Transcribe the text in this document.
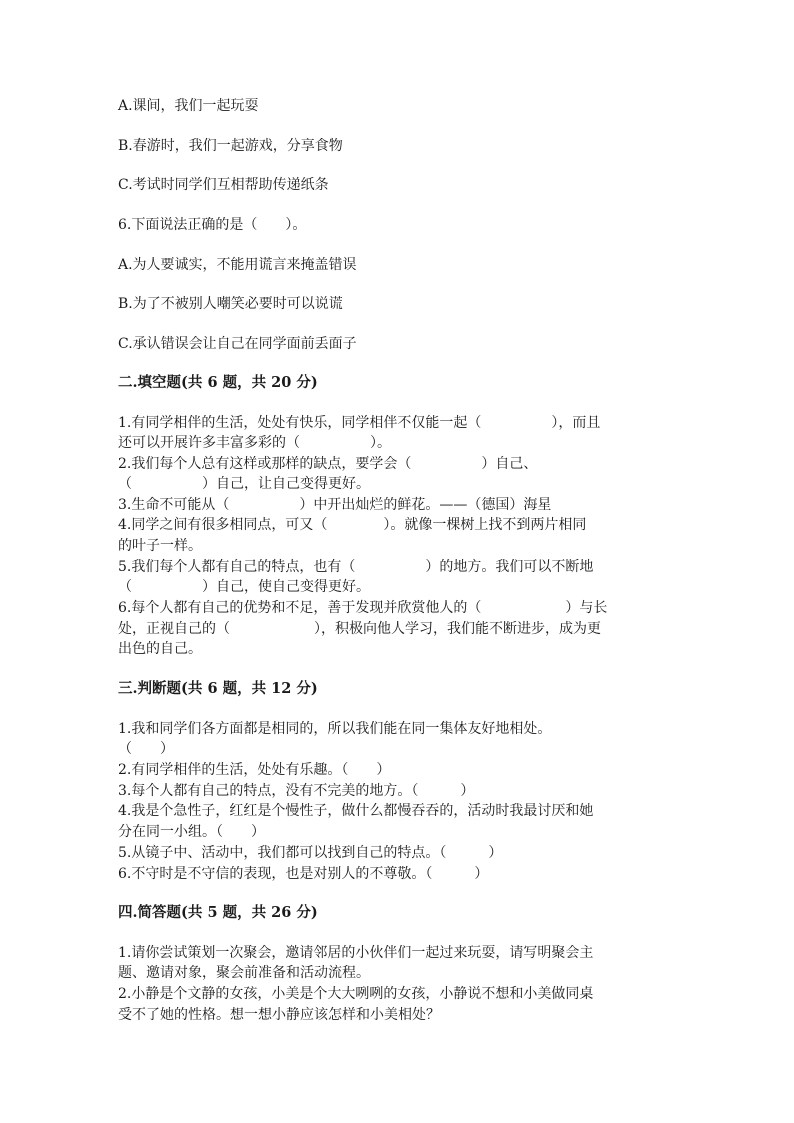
A.课间，我们一起玩耍
B.春游时，我们一起游戏，分享食物
C.考试时同学们互相帮助传递纸条
6.下面说法正确的是（　　）。
A.为人要诚实，不能用谎言来掩盖错误
B.为了不被别人嘲笑必要时可以说谎
C.承认错误会让自己在同学面前丢面子
二.填空题(共 6 题，共 20 分)
1.有同学相伴的生活，处处有快乐，同学相伴不仅能一起（　　　　　），而且
还可以开展许多丰富多彩的（　　　　　）。
2.我们每个人总有这样或那样的缺点，要学会（　　　　　）自己、
（　　　　　）自己，让自己变得更好。
3.生命不可能从（　　　　　）中开出灿烂的鲜花。——（德国）海星
4.同学之间有很多相同点，可又（　　　　）。就像一棵树上找不到两片相同
的叶子一样。
5.我们每个人都有自己的特点，也有（　　　　　）的地方。我们可以不断地
（　　　　　）自己，使自己变得更好。
6.每个人都有自己的优势和不足，善于发现并欣赏他人的（　　　　　　）与长
处，正视自己的（　　　　　　），积极向他人学习，我们能不断进步，成为更
出色的自己。
三.判断题(共 6 题，共 12 分)
1.我和同学们各方面都是相同的，所以我们能在同一集体友好地相处。
（　　）
2.有同学相伴的生活，处处有乐趣。（　　）
3.每个人都有自己的特点，没有不完美的地方。（　　　）
4.我是个急性子，红红是个慢性子，做什么都慢吞吞的，活动时我最讨厌和她
分在同一小组。（　　）
5.从镜子中、活动中，我们都可以找到自己的特点。（　　　）
6.不守时是不守信的表现，也是对别人的不尊敬。（　　　）
四.简答题(共 5 题，共 26 分)
1.请你尝试策划一次聚会，邀请邻居的小伙伴们一起过来玩耍，请写明聚会主
题、邀请对象，聚会前准备和活动流程。
2.小静是个文静的女孩，小美是个大大咧咧的女孩，小静说不想和小美做同桌
受不了她的性格。想一想小静应该怎样和小美相处？
